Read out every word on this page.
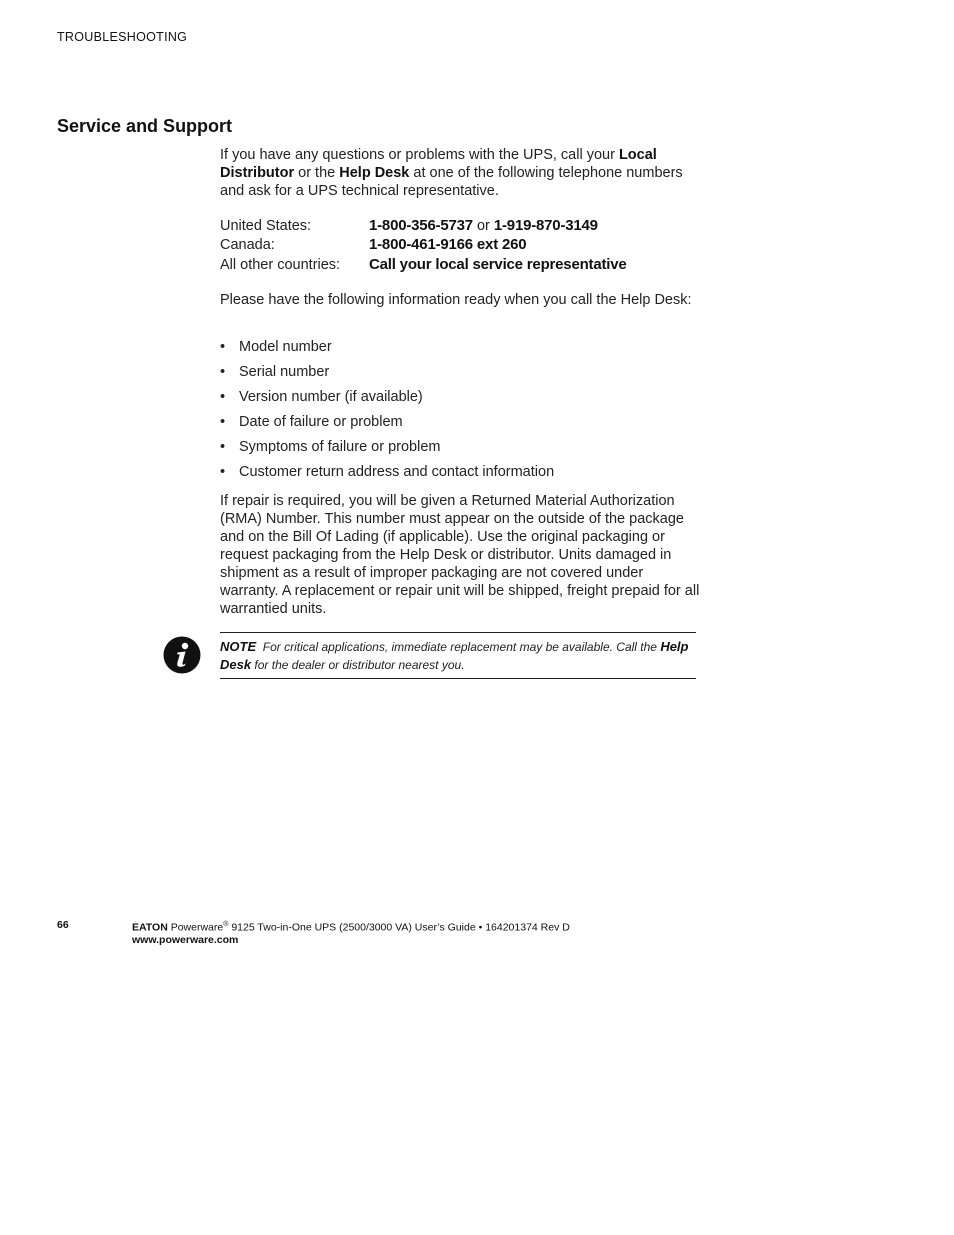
TROUBLESHOOTING
Service and Support

If you have any questions or problems with the UPS, call your Local Distributor or the Help Desk at one of the following telephone numbers and ask for a UPS technical representative.

United States:	1-800-356-5737 or 1-919-870-3149
Canada:	1-800-461-9166 ext 260
All other countries:	Call your local service representative

Please have the following information ready when you call the Help Desk:

• Model number
• Serial number
• Version number (if available)
• Date of failure or problem
• Symptoms of failure or problem
• Customer return address and contact information

If repair is required, you will be given a Returned Material Authorization (RMA) Number. This number must appear on the outside of the package and on the Bill Of Lading (if applicable). Use the original packaging or request packaging from the Help Desk or distributor. Units damaged in shipment as a result of improper packaging are not covered under warranty. A replacement or repair unit will be shipped, freight prepaid for all warrantied units.

NOTE For critical applications, immediate replacement may be available. Call the Help Desk for the dealer or distributor nearest you.
66	EATON Powerware® 9125 Two-in-One UPS (2500/3000 VA) User’s Guide • 164201374 Rev D
www.powerware.com
